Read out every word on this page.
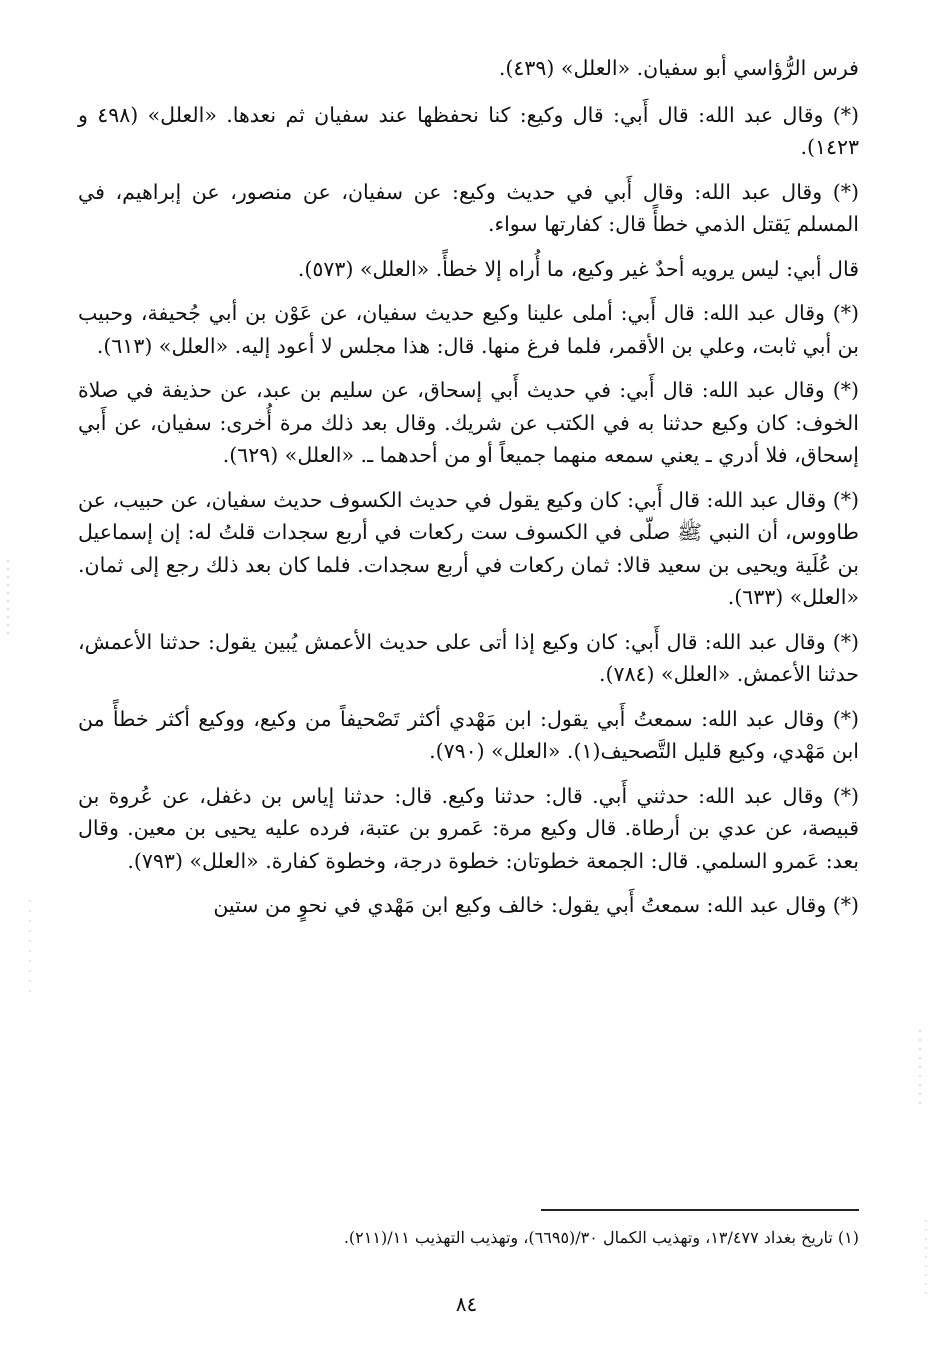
فرس الرُّؤاسي أبو سفيان. «العلل» (٤٣٩).

(*) وقال عبد الله: قال أَبي: قال وكيع: كنا نحفظها عند سفيان ثم نعدها. «العلل» (٤٩٨ و ١٤٢٣).

(*) وقال عبد الله: وقال أَبي في حديث وكيع: عن سفيان، عن منصور، عن إبراهيم، في المسلم يَقتل الذمي خطأً قال: كفارتها سواء.

قال أبي: ليس يرويه أحدٌ غير وكيع، ما أُراه إلا خطأً. «العلل» (٥٧٣).

(*) وقال عبد الله: قال أَبي: أملى علينا وكيع حديث سفيان، عن عَوْن بن أبي جُحيفة، وحبيب بن أبي ثابت، وعلي بن الأقمر، فلما فرغ منها. قال: هذا مجلس لا أعود إليه. «العلل» (٦١٣).

(*) وقال عبد الله: قال أَبي: في حديث أَبي إسحاق، عن سليم بن عبد، عن حذيفة في صلاة الخوف: كان وكيع حدثنا به في الكتب عن شريك. وقال بعد ذلك مرة أُخرى: سفيان، عن أَبي إسحاق، فلا أدري ـ يعني سمعه منهما جميعاً أو من أحدهما ـ. «العلل» (٦٢٩).

(*) وقال عبد الله: قال أَبي: كان وكيع يقول في حديث الكسوف حديث سفيان، عن حبيب، عن طاووس، أن النبي ﷺ صلّى في الكسوف ست ركعات في أربع سجدات قلتُ له: إن إسماعيل بن عُلَية ويحيى بن سعيد قالا: ثمان ركعات في أربع سجدات. فلما كان بعد ذلك رجع إلى ثمان. «العلل» (٦٣٣).

(*) وقال عبد الله: قال أَبي: كان وكيع إذا أتى على حديث الأعمش يُبين يقول: حدثنا الأعمش، حدثنا الأعمش. «العلل» (٧٨٤).

(*) وقال عبد الله: سمعتُ أَبي يقول: ابن مَهْدي أكثر تَصْحيفاً من وكيع، ووكيع أكثر خطأً من ابن مَهْدي، وكيع قليل التَّصحيف(١). «العلل» (٧٩٠).

(*) وقال عبد الله: حدثني أَبي. قال: حدثنا وكيع. قال: حدثنا إياس بن دغفل، عن عُروة بن قبيصة، عن عدي بن أرطاة. قال وكيع مرة: عَمرو بن عتبة، فرده عليه يحيى بن معين. وقال بعد: عَمرو السلمي. قال: الجمعة خطوتان: خطوة درجة، وخطوة كفارة. «العلل» (٧٩٣).

(*) وقال عبد الله: سمعتُ أَبي يقول: خالف وكيع ابن مَهْدي في نحوٍ من ستين

(١) تاريخ بغداد ١٣/٤٧٧، وتهذيب الكمال ٣٠/(٦٦٩٥)، وتهذيب التهذيب ١١/(٢١١).
٨٤
